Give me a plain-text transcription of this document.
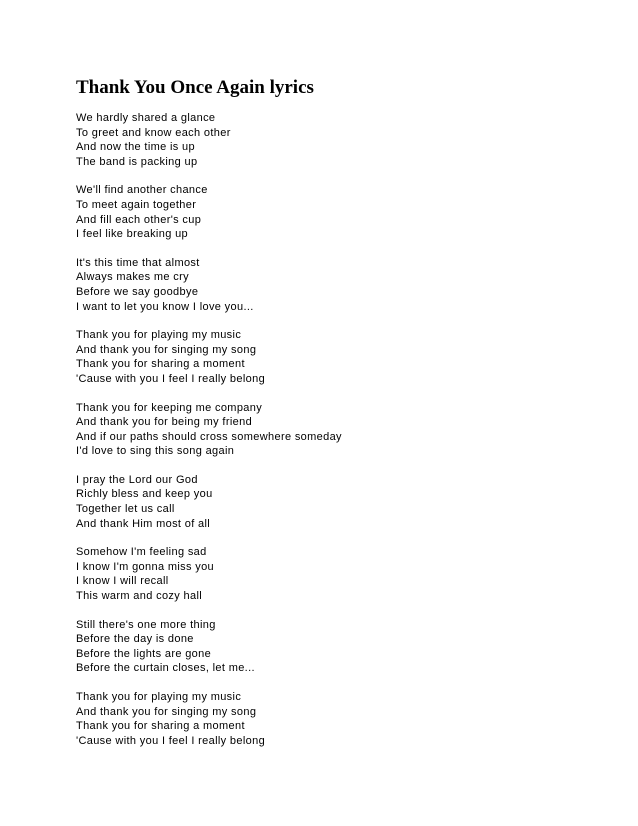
Thank You Once Again lyrics
We hardly shared a glance
To greet and know each other
And now the time is up
The band is packing up
We'll find another chance
To meet again together
And fill each other's cup
I feel like breaking up
It's this time that almost
Always makes me cry
Before we say goodbye
I want to let you know I love you...
Thank you for playing my music
And thank you for singing my song
Thank you for sharing a moment
'Cause with you I feel I really belong
Thank you for keeping me company
And thank you for being my friend
And if our paths should cross somewhere someday
I'd love to sing this song again
I pray the Lord our God
Richly bless and keep you
Together let us call
And thank Him most of all
Somehow I'm feeling sad
I know I'm gonna miss you
I know I will recall
This warm and cozy hall
Still there's one more thing
Before the day is done
Before the lights are gone
Before the curtain closes, let me...
Thank you for playing my music
And thank you for singing my song
Thank you for sharing a moment
'Cause with you I feel I really belong
